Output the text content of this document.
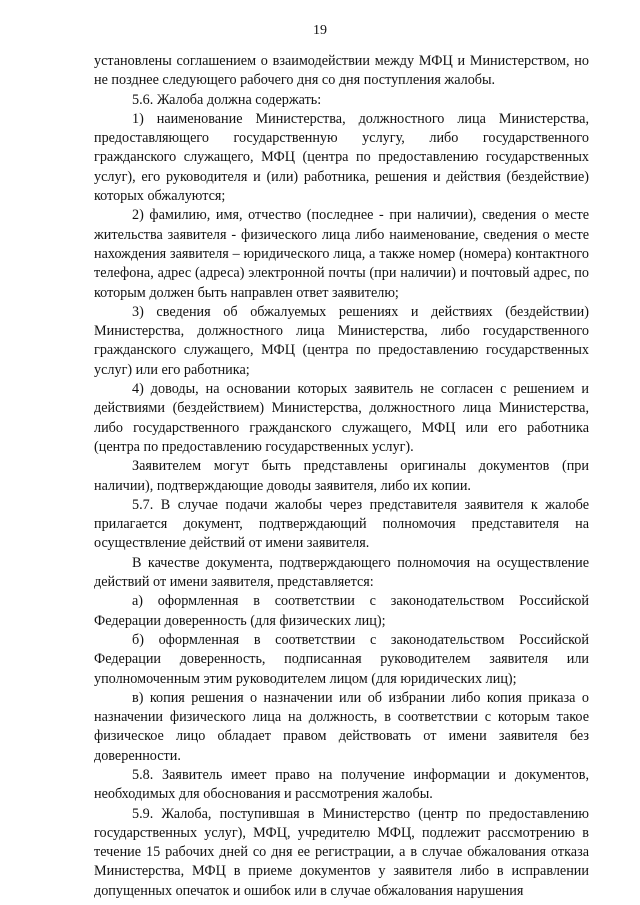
19

установлены соглашением о взаимодействии между МФЦ и Министерством, но не позднее следующего рабочего дня со дня поступления жалобы.

5.6. Жалоба должна содержать:

1) наименование Министерства, должностного лица Министерства, предоставляющего государственную услугу, либо государственного гражданского служащего, МФЦ (центра по предоставлению государственных услуг), его руководителя и (или) работника, решения и действия (бездействие) которых обжалуются;

2) фамилию, имя, отчество (последнее - при наличии), сведения о месте жительства заявителя - физического лица либо наименование, сведения о месте нахождения заявителя – юридического лица, а также номер (номера) контактного телефона, адрес (адреса) электронной почты (при наличии) и почтовый адрес, по которым должен быть направлен ответ заявителю;

3) сведения об обжалуемых решениях и действиях (бездействии) Министерства, должностного лица Министерства, либо государственного гражданского служащего, МФЦ (центра по предоставлению государственных услуг) или его работника;

4) доводы, на основании которых заявитель не согласен с решением и действиями (бездействием) Министерства, должностного лица Министерства, либо государственного гражданского служащего, МФЦ или его работника (центра по предоставлению государственных услуг).

Заявителем могут быть представлены оригиналы документов (при наличии), подтверждающие доводы заявителя, либо их копии.

5.7. В случае подачи жалобы через представителя заявителя к жалобе прилагается документ, подтверждающий полномочия представителя на осуществление действий от имени заявителя.

В качестве документа, подтверждающего полномочия на осуществление действий от имени заявителя, представляется:

а) оформленная в соответствии с законодательством Российской Федерации доверенность (для физических лиц);

б) оформленная в соответствии с законодательством Российской Федерации доверенность, подписанная руководителем заявителя или уполномоченным этим руководителем лицом (для юридических лиц);

в) копия решения о назначении или об избрании либо копия приказа о назначении физического лица на должность, в соответствии с которым такое физическое лицо обладает правом действовать от имени заявителя без доверенности.

5.8. Заявитель имеет право на получение информации и документов, необходимых для обоснования и рассмотрения жалобы.

5.9. Жалоба, поступившая в Министерство (центр по предоставлению государственных услуг), МФЦ, учредителю МФЦ, подлежит рассмотрению в течение 15 рабочих дней со дня ее регистрации, а в случае обжалования отказа Министерства, МФЦ в приеме документов у заявителя либо в исправлении допущенных опечаток и ошибок или в случае обжалования нарушения
